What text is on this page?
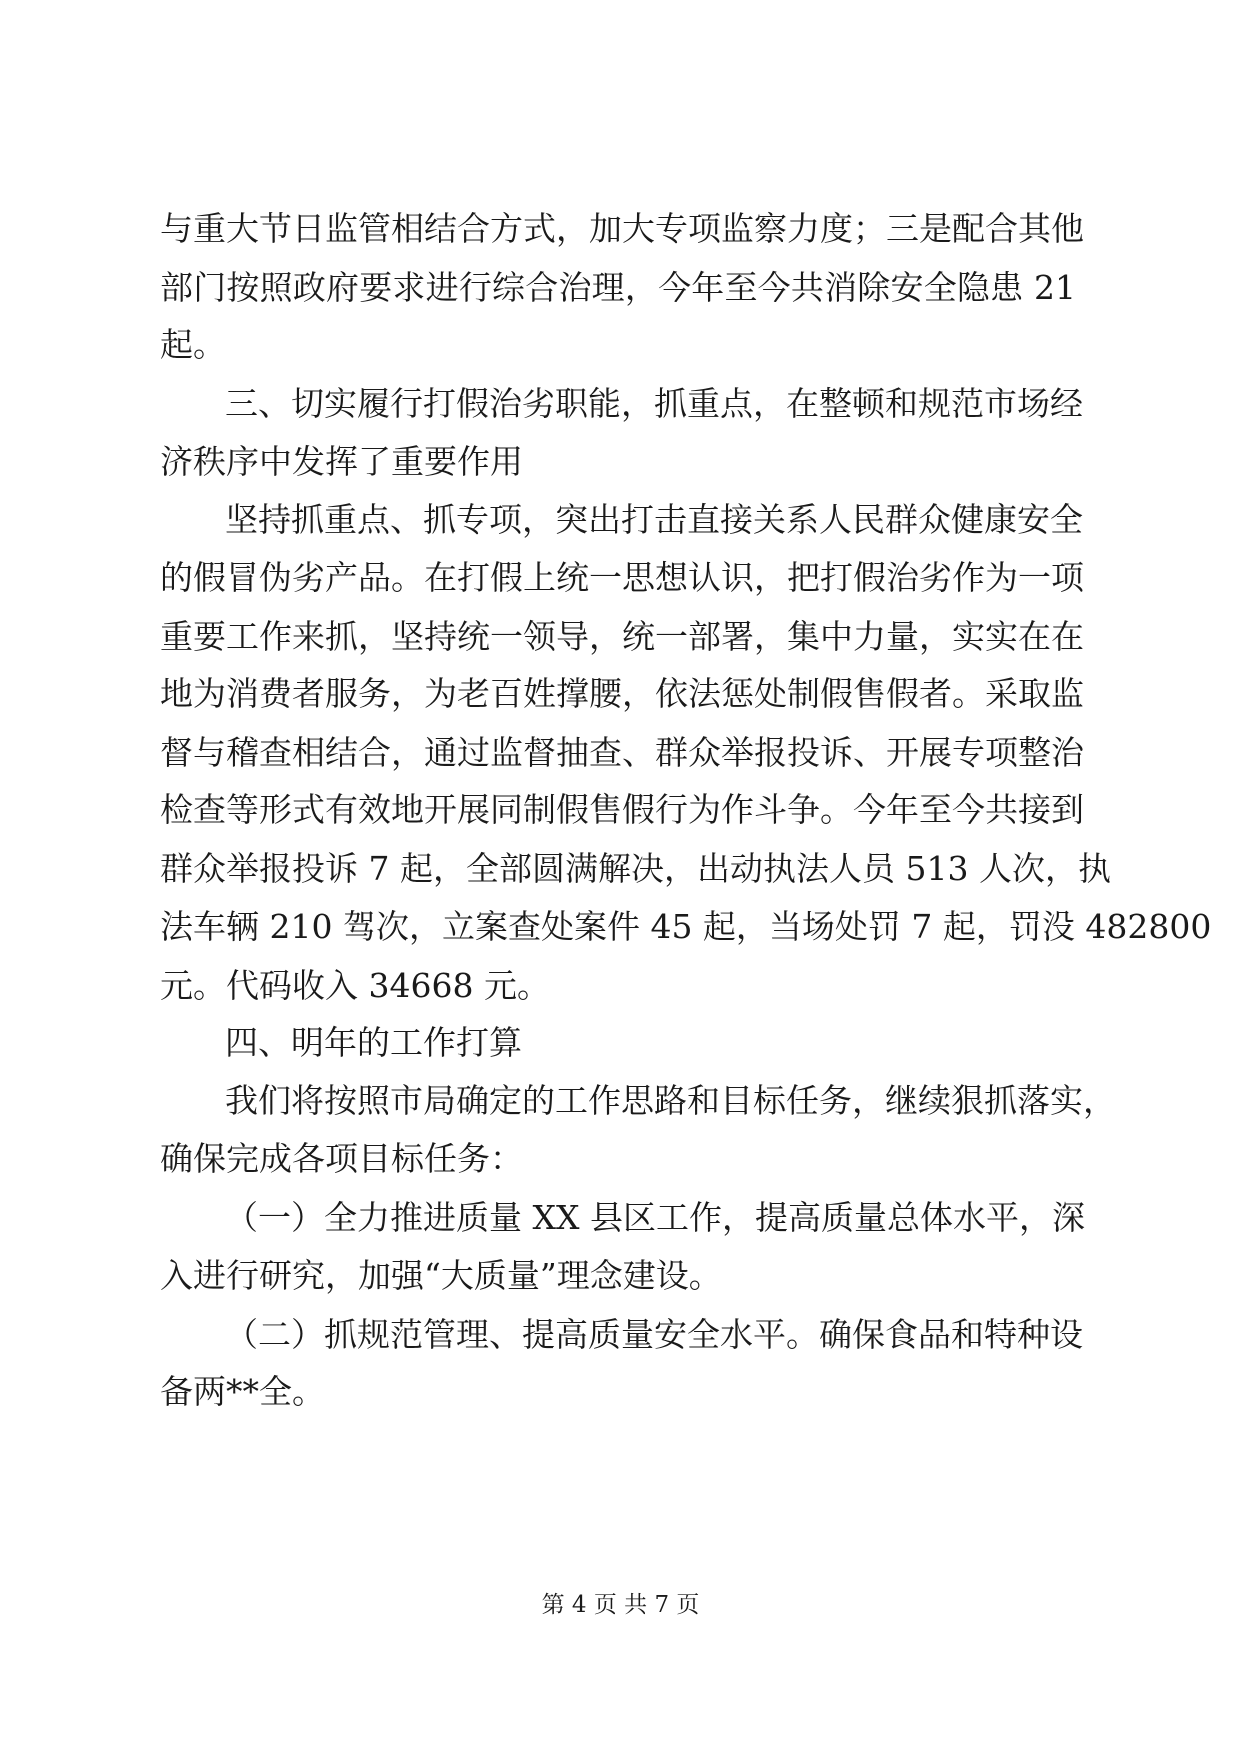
与重大节日监管相结合方式，加大专项监察力度；三是配合其他
部门按照政府要求进行综合治理，今年至今共消除安全隐患 21
起。
三、切实履行打假治劣职能，抓重点，在整顿和规范市场经
济秩序中发挥了重要作用
坚持抓重点、抓专项，突出打击直接关系人民群众健康安全
的假冒伪劣产品。在打假上统一思想认识，把打假治劣作为一项
重要工作来抓，坚持统一领导，统一部署，集中力量，实实在在
地为消费者服务，为老百姓撑腰，依法惩处制假售假者。采取监
督与稽查相结合，通过监督抽查、群众举报投诉、开展专项整治
检查等形式有效地开展同制假售假行为作斗争。今年至今共接到
群众举报投诉 7 起，全部圆满解决，出动执法人员 513 人次，执
法车辆 210 驾次，立案查处案件 45 起，当场处罚 7 起，罚没 482800
元。代码收入 34668 元。
四、明年的工作打算
我们将按照市局确定的工作思路和目标任务，继续狠抓落实，
确保完成各项目标任务：
（一）全力推进质量 XX 县区工作，提高质量总体水平，深
入进行研究，加强“大质量”理念建设。
（二）抓规范管理、提高质量安全水平。确保食品和特种设
备两**全。
第 4 页 共 7 页
